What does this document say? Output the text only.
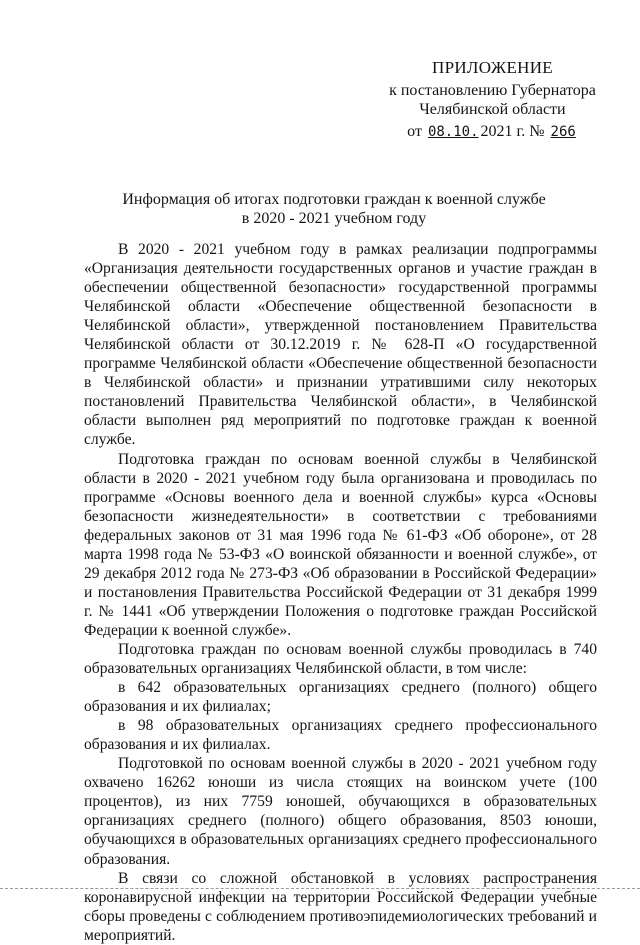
ПРИЛОЖЕНИЕ
к постановлению Губернатора
Челябинской области
от 08.10. 2021 г. № 266
Информация об итогах подготовки граждан к военной службе
в 2020 - 2021 учебном году

В 2020 - 2021 учебном году в рамках реализации подпрограммы «Организация деятельности государственных органов и участие граждан в обеспечении общественной безопасности» государственной программы Челябинской области «Обеспечение общественной безопасности в Челябинской области», утвержденной постановлением Правительства Челябинской области от 30.12.2019 г. № 628-П «О государственной программе Челябинской области «Обеспечение общественной безопасности в Челябинской области» и признании утратившими силу некоторых постановлений Правительства Челябинской области», в Челябинской области выполнен ряд мероприятий по подготовке граждан к военной службе.

Подготовка граждан по основам военной службы в Челябинской области в 2020 - 2021 учебном году была организована и проводилась по программе «Основы военного дела и военной службы» курса «Основы безопасности жизнедеятельности» в соответствии с требованиями федеральных законов от 31 мая 1996 года № 61-ФЗ «Об обороне», от 28 марта 1998 года № 53-ФЗ «О воинской обязанности и военной службе», от 29 декабря 2012 года № 273-ФЗ «Об образовании в Российской Федерации» и постановления Правительства Российской Федерации от 31 декабря 1999 г. № 1441 «Об утверждении Положения о подготовке граждан Российской Федерации к военной службе».

Подготовка граждан по основам военной службы проводилась в 740 образовательных организациях Челябинской области, в том числе:

в 642 образовательных организациях среднего (полного) общего образования и их филиалах;

в 98 образовательных организациях среднего профессионального образования и их филиалах.

Подготовкой по основам военной службы в 2020 - 2021 учебном году охвачено 16262 юноши из числа стоящих на воинском учете (100 процентов), из них 7759 юношей, обучающихся в образовательных организациях среднего (полного) общего образования, 8503 юноши, обучающихся в образовательных организациях среднего профессионального образования.

В связи со сложной обстановкой в условиях распространения коронавирусной инфекции на территории Российской Федерации учебные сборы проведены с соблюдением противоэпидемиологических требований и мероприятий.
